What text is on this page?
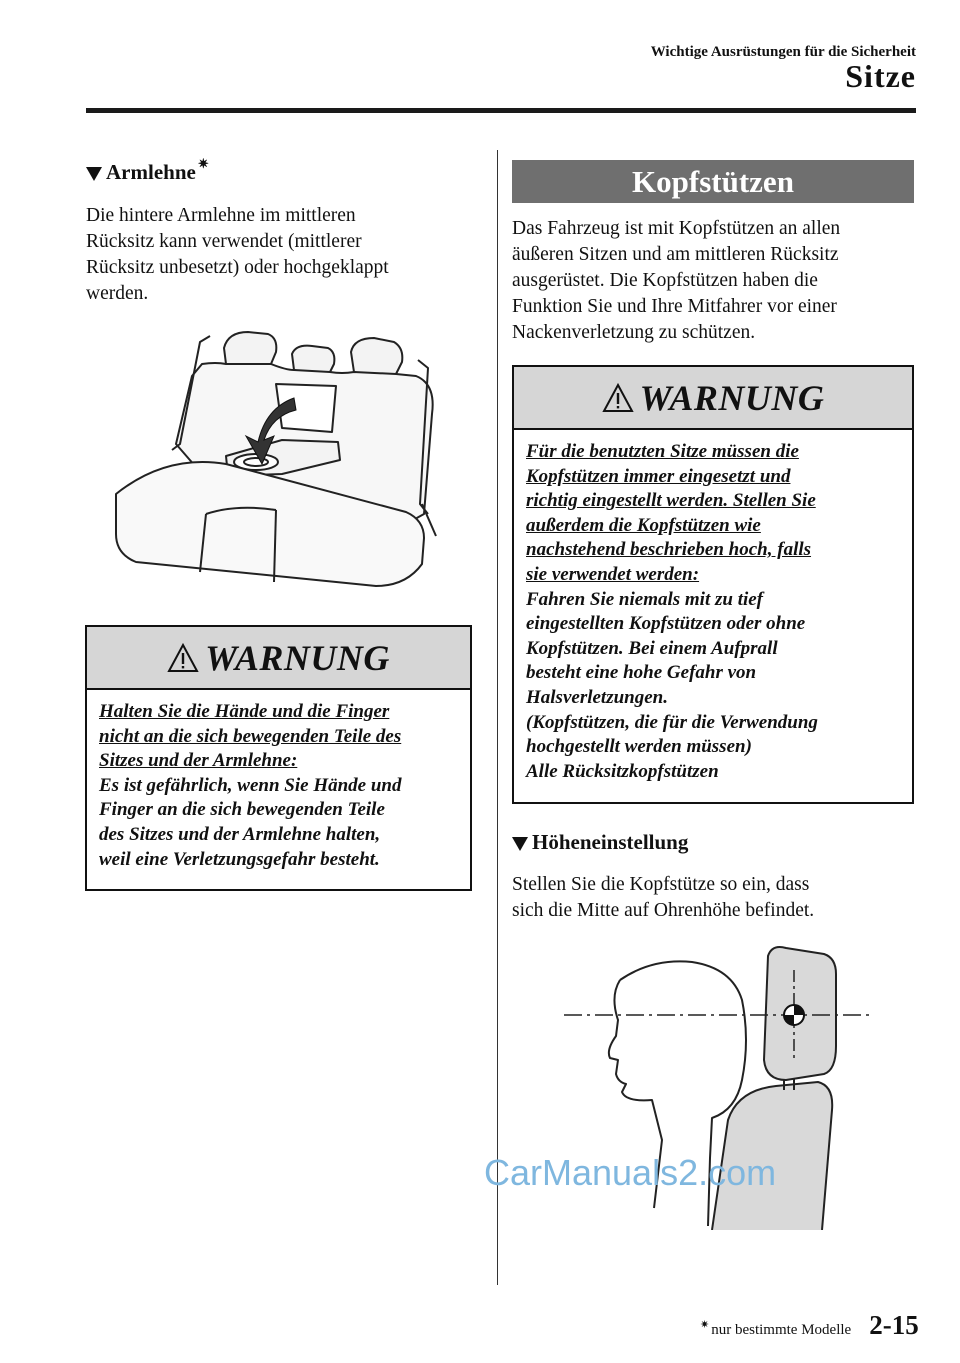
Wichtige Ausrüstungen für die Sicherheit
Sitze
Armlehne ✷
Die hintere Armlehne im mittleren
Rücksitz kann verwendet (mittlerer
Rücksitz unbesetzt) oder hochgeklappt
werden.
WARNUNG
Halten Sie die Hände und die Finger
nicht an die sich bewegenden Teile des
Sitzes und der Armlehne:
Es ist gefährlich, wenn Sie Hände und
Finger an die sich bewegenden Teile
des Sitzes und der Armlehne halten,
weil eine Verletzungsgefahr besteht.
Kopfstützen
Das Fahrzeug ist mit Kopfstützen an allen
äußeren Sitzen und am mittleren Rücksitz
ausgerüstet. Die Kopfstützen haben die
Funktion Sie und Ihre Mitfahrer vor einer
Nackenverletzung zu schützen.
WARNUNG
Für die benutzten Sitze müssen die
Kopfstützen immer eingesetzt und
richtig eingestellt werden. Stellen Sie
außerdem die Kopfstützen wie
nachstehend beschrieben hoch, falls
sie verwendet werden:
Fahren Sie niemals mit zu tief
eingestellten Kopfstützen oder ohne
Kopfstützen. Bei einem Aufprall
besteht eine hohe Gefahr von
Halsverletzungen.
(Kopfstützen, die für die Verwendung
hochgestellt werden müssen)
Alle Rücksitzkopfstützen
Höheneinstellung
Stellen Sie die Kopfstütze so ein, dass
sich die Mitte auf Ohrenhöhe befindet.
CarManuals2.com
✷ nur bestimmte Modelle 2-15
